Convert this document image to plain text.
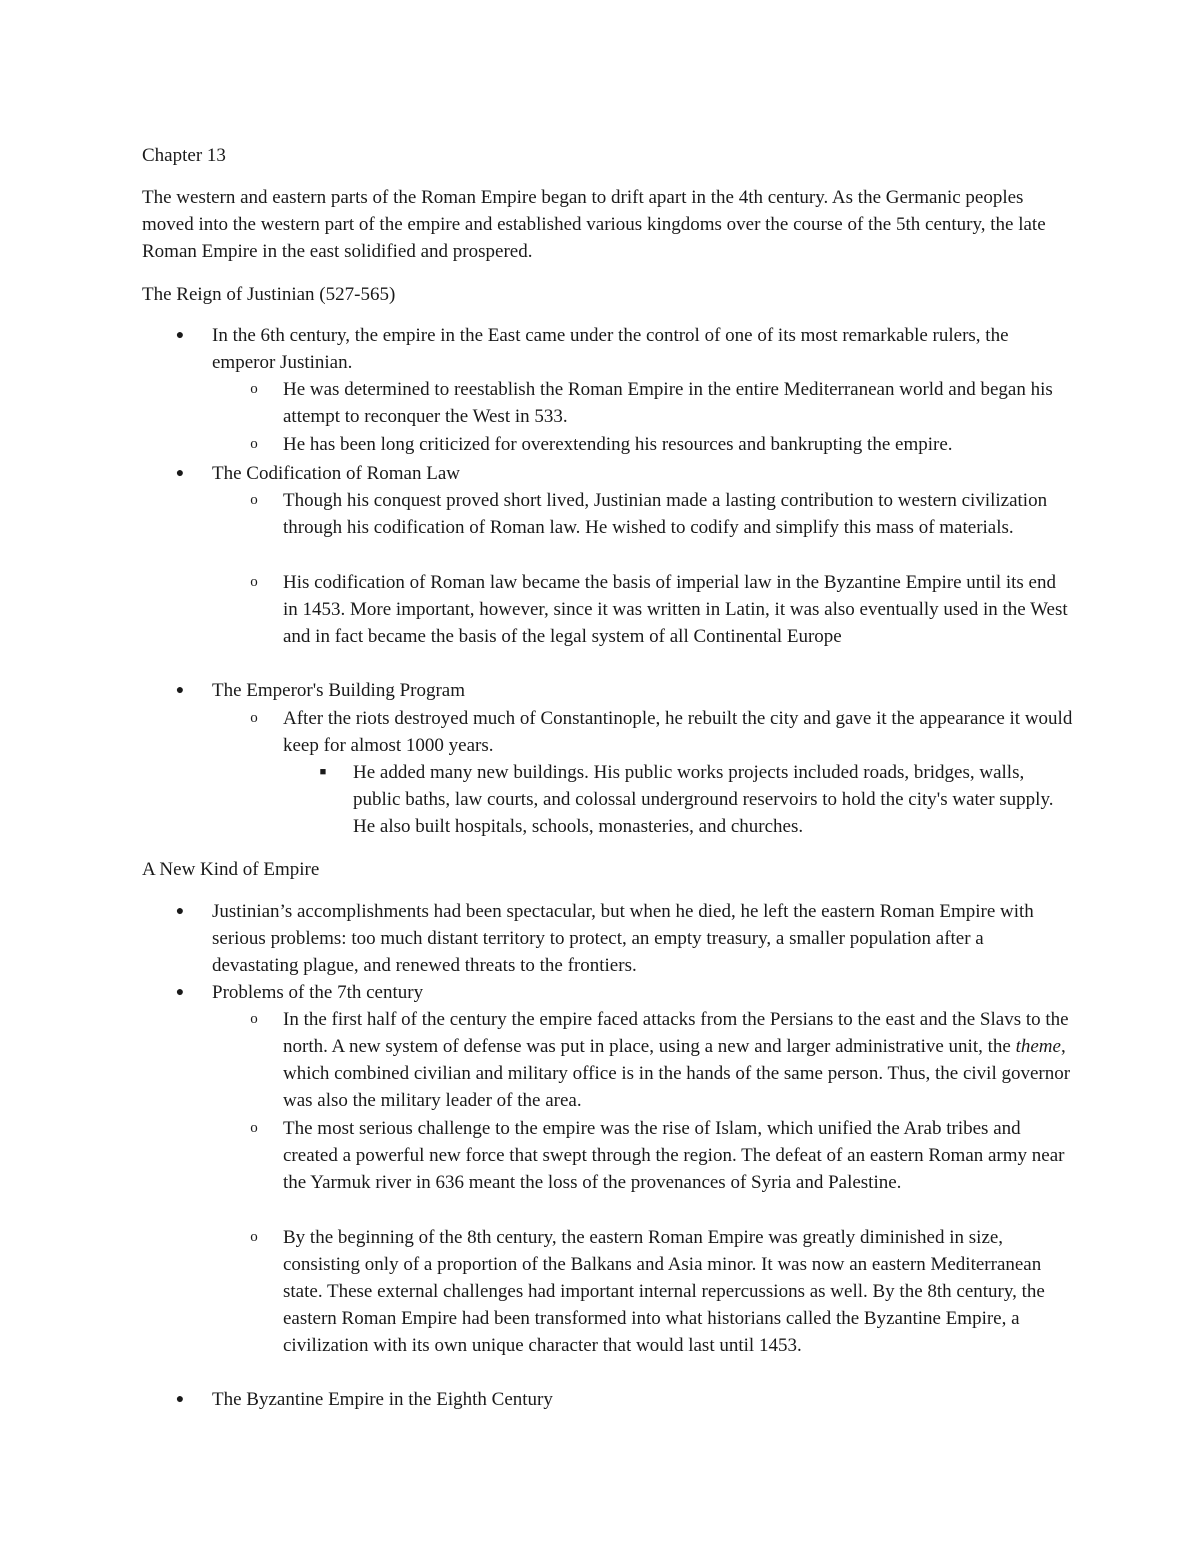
Chapter 13

The western and eastern parts of the Roman Empire began to drift apart in the 4th century. As the Germanic peoples moved into the western part of the empire and established various kingdoms over the course of the 5th century, the late Roman Empire in the east solidified and prospered.

The Reign of Justinian (527-565)

●	In the 6th century, the empire in the East came under the control of one of its most remarkable rulers, the emperor Justinian.

o	He was determined to reestablish the Roman Empire in the entire Mediterranean world and began his attempt to reconquer the West in 533.

o	He has been long criticized for overextending his resources and bankrupting the empire.

●	The Codification of Roman Law

o	Though his conquest proved short lived, Justinian made a lasting contribution to western civilization through his codification of Roman law. He wished to codify and simplify this mass of materials.

o	His codification of Roman law became the basis of imperial law in the Byzantine Empire until its end in 1453. More important, however, since it was written in Latin, it was also eventually used in the West and in fact became the basis of the legal system of all Continental Europe

●	The Emperor's Building Program

o	After the riots destroyed much of Constantinople, he rebuilt the city and gave it the appearance it would keep for almost 1000 years.

■	He added many new buildings. His public works projects included roads, bridges, walls, public baths, law courts, and colossal underground reservoirs to hold the city's water supply. He also built hospitals, schools, monasteries, and churches.

A New Kind of Empire

●	Justinian’s accomplishments had been spectacular, but when he died, he left the eastern Roman Empire with serious problems: too much distant territory to protect, an empty treasury, a smaller population after a devastating plague, and renewed threats to the frontiers.

●	Problems of the 7th century

o	In the first half of the century the empire faced attacks from the Persians to the east and the Slavs to the north. A new system of defense was put in place, using a new and larger administrative unit, the theme, which combined civilian and military office is in the hands of the same person. Thus, the civil governor was also the military leader of the area.

o	The most serious challenge to the empire was the rise of Islam, which unified the Arab tribes and created a powerful new force that swept through the region. The defeat of an eastern Roman army near the Yarmuk river in 636 meant the loss of the provenances of Syria and Palestine.

o	By the beginning of the 8th century, the eastern Roman Empire was greatly diminished in size, consisting only of a proportion of the Balkans and Asia minor. It was now an eastern Mediterranean state. These external challenges had important internal repercussions as well. By the 8th century, the eastern Roman Empire had been transformed into what historians called the Byzantine Empire, a civilization with its own unique character that would last until 1453.

●	The Byzantine Empire in the Eighth Century
